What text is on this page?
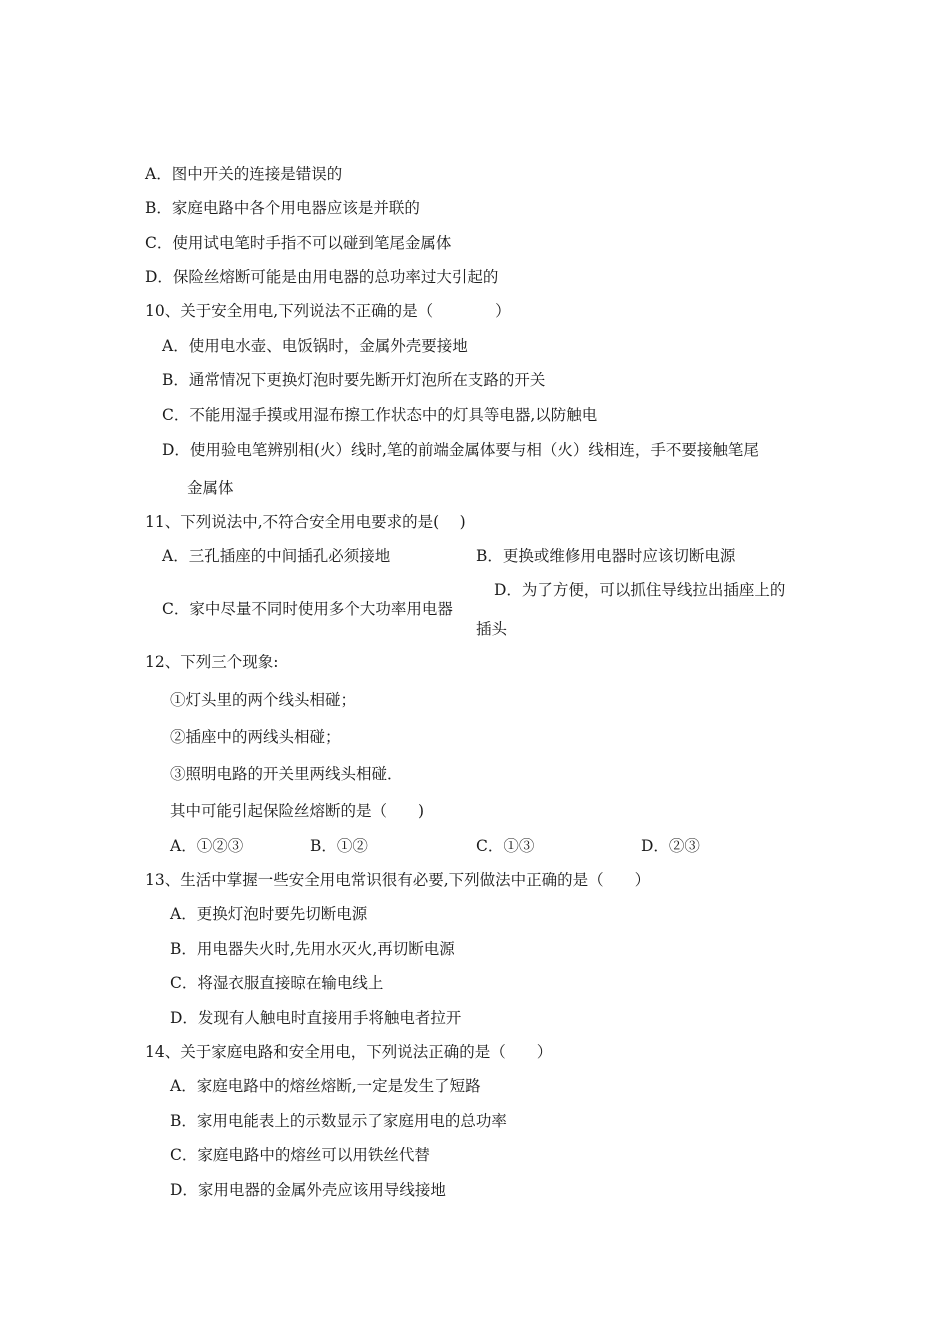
A．图中开关的连接是错误的
B．家庭电路中各个用电器应该是并联的
C．使用试电笔时手指不可以碰到笔尾金属体
D．保险丝熔断可能是由用电器的总功率过大引起的
10、关于安全用电,下列说法不正确的是（　　　　）
A．使用电水壶、电饭锅时，金属外壳要接地
B．通常情况下更换灯泡时要先断开灯泡所在支路的开关
C．不能用湿手摸或用湿布擦工作状态中的灯具等电器,以防触电
D．使用验电笔辨别相(火）线时,笔的前端金属体要与相（火）线相连，手不要接触笔尾
金属体
11、下列说法中,不符合安全用电要求的是(　 )
A．三孔插座的中间插孔必须接地	B．更换或维修用电器时应该切断电源
C．家中尽量不同时使用多个大功率用电器
D．为了方便，可以抓住导线拉出插座上的
插头
12、下列三个现象:
①灯头里的两个线头相碰；
②插座中的两线头相碰；
③照明电路的开关里两线头相碰．
其中可能引起保险丝熔断的是（　　)
A．①②③	B．①②	C．①③	D．②③
13、生活中掌握一些安全用电常识很有必要,下列做法中正确的是（　　）
A．更换灯泡时要先切断电源
B．用电器失火时,先用水灭火,再切断电源
C．将湿衣服直接晾在输电线上
D．发现有人触电时直接用手将触电者拉开
14、关于家庭电路和安全用电，下列说法正确的是（　　）
A．家庭电路中的熔丝熔断,一定是发生了短路
B．家用电能表上的示数显示了家庭用电的总功率
C．家庭电路中的熔丝可以用铁丝代替
D．家用电器的金属外壳应该用导线接地
